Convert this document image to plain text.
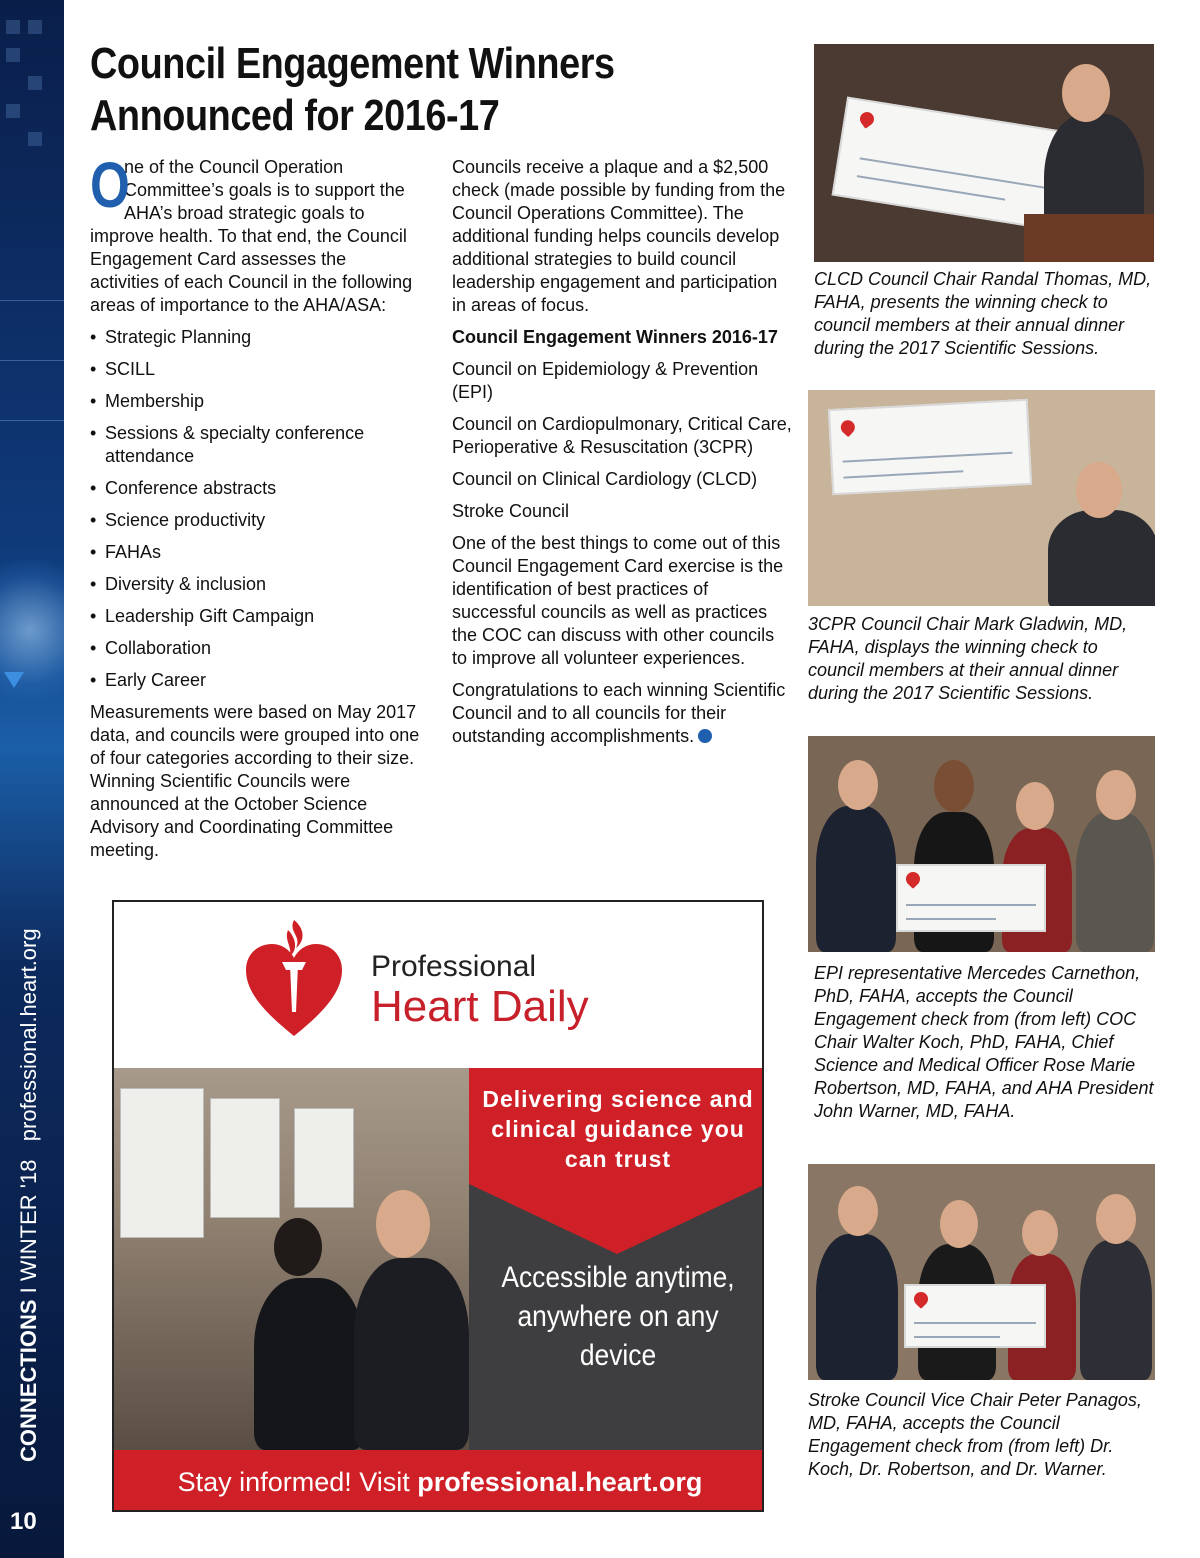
CONNECTIONS I WINTER '18   professional.heart.org
10
Council Engagement Winners
Announced for 2016-17

O
ne of the Council Operation Committee’s goals is to support the AHA’s broad strategic goals to improve health. To that end, the Council Engagement Card assesses the activities of each Council in the following areas of importance to the AHA/ASA:

• Strategic Planning
• SCILL
• Membership
• Sessions & specialty conference attendance
• Conference abstracts
• Science productivity
• FAHAs
• Diversity & inclusion
• Leadership Gift Campaign
• Collaboration
• Early Career

Measurements were based on May 2017 data, and councils were grouped into one of four categories according to their size. Winning Scientific Councils were announced at the October Science Advisory and Coordinating Committee meeting.

Councils receive a plaque and a $2,500 check (made possible by funding from the Council Operations Committee). The additional funding helps councils develop additional strategies to build council leadership engagement and participation in areas of focus.

Council Engagement Winners 2016-17

Council on Epidemiology & Prevention (EPI)

Council on Cardiopulmonary, Critical Care, Perioperative & Resuscitation (3CPR)

Council on Clinical Cardiology (CLCD)

Stroke Council

One of the best things to come out of this Council Engagement Card exercise is the identification of best practices of successful councils as well as practices the COC can discuss with other councils to improve all volunteer experiences.

Congratulations to each winning Scientific Council and to all councils for their outstanding accomplishments.

CLCD Council Chair Randal Thomas, MD, FAHA, presents the winning check to council members at their annual dinner during the 2017 Scientific Sessions.
3CPR Council Chair Mark Gladwin, MD, FAHA, displays the winning check to council members at their annual dinner during the 2017 Scientific Sessions.
EPI representative Mercedes Carnethon, PhD, FAHA, accepts the Council Engagement check from (from left) COC Chair Walter Koch, PhD, FAHA, Chief Science and Medical Officer Rose Marie Robertson, MD, FAHA, and AHA President John Warner, MD, FAHA.
Stroke Council Vice Chair Peter Panagos, MD, FAHA, accepts the Council Engagement check from (from left) Dr. Koch, Dr. Robertson, and Dr. Warner.
Professional
Heart Daily
Delivering science and clinical guidance you can trust
Accessible anytime, anywhere on any device
Stay informed! Visit professional.heart.org
